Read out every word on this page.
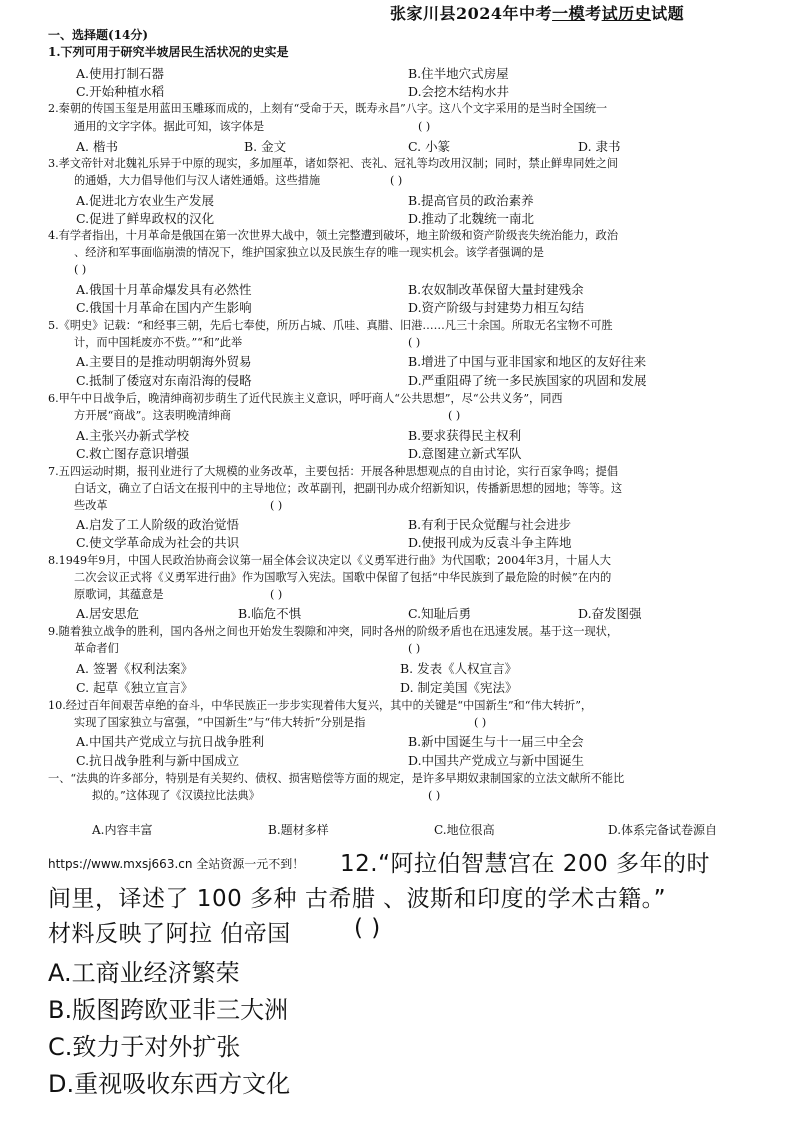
张家川县2024年中考一模考试历史试题
一、选择题(14分)
1.下列可用于研究半坡居民生活状况的史实是
A.使用打制石器	B.住半地穴式房屋
C.开始种植水稻	D.会挖木结构水井
2.秦朝的传国玉玺是用蓝田玉雕琢而成的，上刻有“受命于天，既寿永昌”八字。这八个文字采用的是当时全国统一
通用的文字字体。据此可知，该字体是	( )
A. 楷书	B. 金文	C. 小篆	D. 隶书
3.孝文帝针对北魏礼乐异于中原的现实，多加厘革，诸如祭祀、丧礼、冠礼等均改用汉制；同时，禁止鲜卑同姓之间
的通婚，大力倡导他们与汉人诸姓通婚。这些措施	( )
A.促进北方农业生产发展	B.提高官员的政治素养
C.促进了鲜卑政权的汉化	D.推动了北魏统一南北
4.有学者指出，十月革命是俄国在第一次世界大战中，领土完整遭到破坏，地主阶级和资产阶级丧失统治能力，政治
、经济和军事面临崩溃的情况下，维护国家独立以及民族生存的唯一现实机会。该学者强调的是
( )
A.俄国十月革命爆发具有必然性	B.农奴制改革保留大量封建残余
C.俄国十月革命在国内产生影响	D.资产阶级与封建势力相互勾结
5.《明史》记载：“和经事三朝，先后七奉使，所历占城、爪哇、真腊、旧港……凡三十余国。所取无名宝物不可胜
计，而中国耗废亦不赀。”“和”此举	( )
A.主要目的是推动明朝海外贸易	B.增进了中国与亚非国家和地区的友好往来
C.抵制了倭寇对东南沿海的侵略	D.严重阻碍了统一多民族国家的巩固和发展
6.甲午中日战争后，晚清绅商初步萌生了近代民族主义意识，呼吁商人“公共思想”，尽“公共义务”，同西
方开展“商战”。这表明晚清绅商	( )
A.主张兴办新式学校	B.要求获得民主权利
C.救亡图存意识增强	D.意图建立新式军队
7.五四运动时期，报刊业进行了大规模的业务改革，主要包括：开展各种思想观点的自由讨论，实行百家争鸣；提倡
白话文，确立了白话文在报刊中的主导地位；改革副刊，把副刊办成介绍新知识，传播新思想的园地；等等。这
些改革	( )
A.启发了工人阶级的政治觉悟	B.有利于民众觉醒与社会进步
C.使文学革命成为社会的共识	D.使报刊成为反袁斗争主阵地
8.1949年9月，中国人民政治协商会议第一届全体会议决定以《义勇军进行曲》为代国歌；2004年3月，十届人大
二次会议正式将《义勇军进行曲》作为国歌写入宪法。国歌中保留了包括“中华民族到了最危险的时候”在内的
原歌词，其蕴意是	( )
A.居安思危	B.临危不惧	C.知耻后勇	D.奋发图强
9.随着独立战争的胜利，国内各州之间也开始发生裂隙和冲突，同时各州的阶级矛盾也在迅速发展。基于这一现状，
革命者们	( )
A. 签署《权利法案》	B. 发表《人权宣言》
C. 起草《独立宣言》	D. 制定美国《宪法》
10.经过百年间艰苦卓绝的奋斗，中华民族正一步步实现着伟大复兴，其中的关键是“中国新生”和“伟大转折”，
实现了国家独立与富强，“中国新生”与“伟大转折”分别是指	( )
A.中国共产党成立与抗日战争胜利	B.新中国诞生与十一届三中全会
C.抗日战争胜利与新中国成立	D.中国共产党成立与新中国诞生
一、“法典的许多部分，特别是有关契约、债权、损害赔偿等方面的规定，是许多早期奴隶制国家的立法文献所不能比
拟的。”这体现了《汉谟拉比法典》	( )
A.内容丰富	B.题材多样	C.地位很高	D.体系完备试卷源自
https://www.mxsj663.cn 全站资源一元不到！ 12.“阿拉伯智慧宫在 200 多年的时
间里，译述了 100 多种 古希腊 、波斯和印度的学术古籍。”
材料反映了阿拉 伯帝国	( )
A.工商业经济繁荣
B.版图跨欧亚非三大洲
C.致力于对外扩张
D.重视吸收东西方文化
